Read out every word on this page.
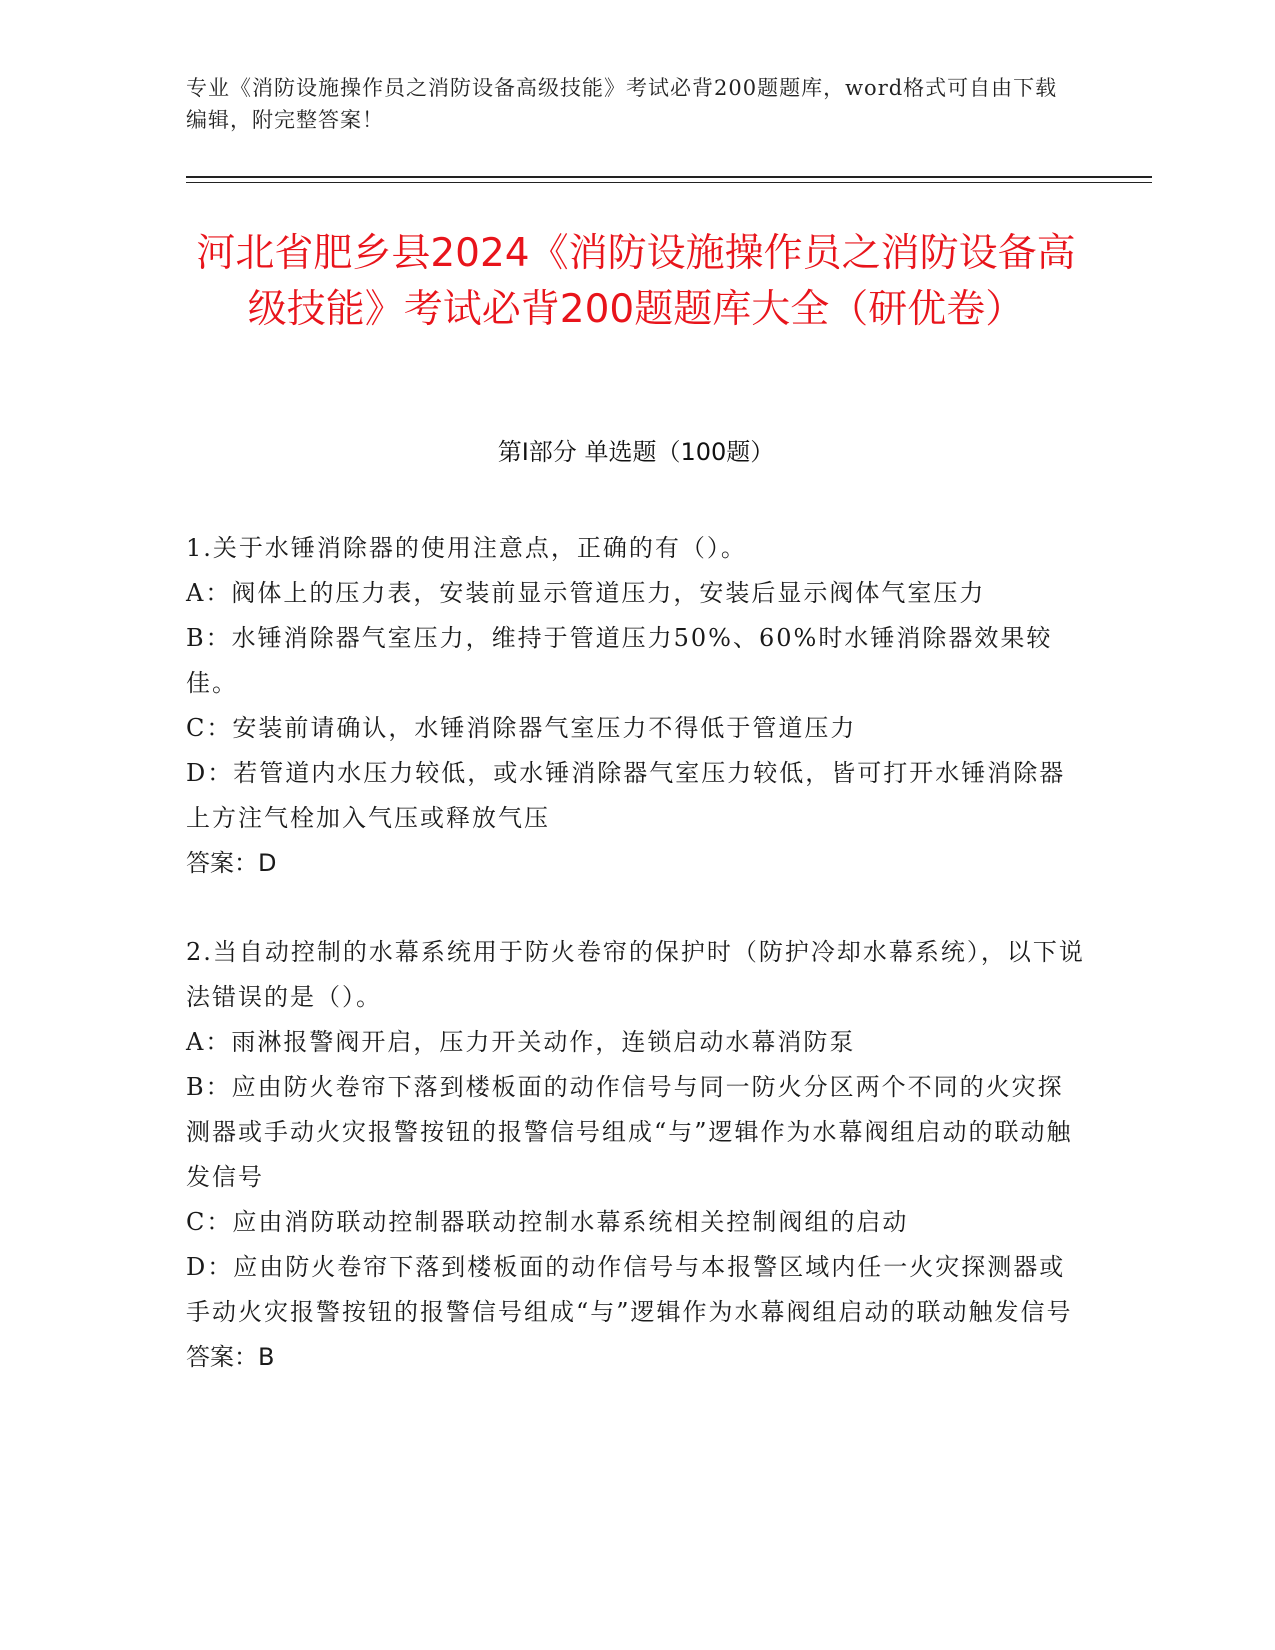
专业《消防设施操作员之消防设备高级技能》考试必背200题题库，word格式可自由下载编辑，附完整答案！
河北省肥乡县2024《消防设施操作员之消防设备高级技能》考试必背200题题库大全（研优卷）
第Ⅰ部分 单选题（100题）

1.关于水锤消除器的使用注意点，正确的有（）。

A：阀体上的压力表，安装前显示管道压力，安装后显示阀体气室压力

B：水锤消除器气室压力，维持于管道压力50%、60%时水锤消除器效果较佳。

C：安装前请确认，水锤消除器气室压力不得低于管道压力

D：若管道内水压力较低，或水锤消除器气室压力较低，皆可打开水锤消除器上方注气栓加入气压或释放气压

答案：D

2.当自动控制的水幕系统用于防火卷帘的保护时（防护冷却水幕系统），以下说法错误的是（）。

A：雨淋报警阀开启，压力开关动作，连锁启动水幕消防泵

B：应由防火卷帘下落到楼板面的动作信号与同一防火分区两个不同的火灾探测器或手动火灾报警按钮的报警信号组成“与”逻辑作为水幕阀组启动的联动触发信号

C：应由消防联动控制器联动控制水幕系统相关控制阀组的启动

D：应由防火卷帘下落到楼板面的动作信号与本报警区域内任一火灾探测器或手动火灾报警按钮的报警信号组成“与”逻辑作为水幕阀组启动的联动触发信号

答案：B
